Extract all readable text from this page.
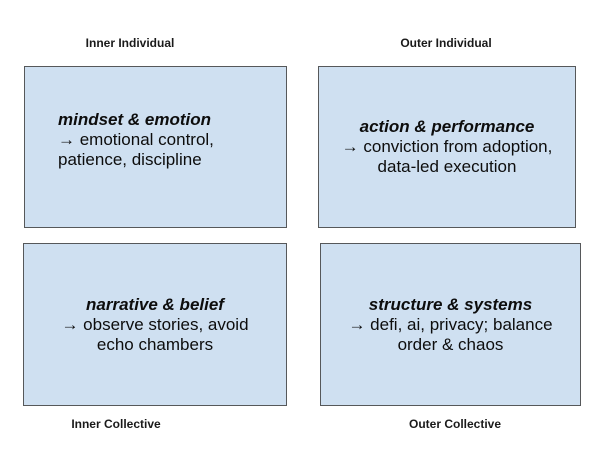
Inner Individual	Outer Individual
Inner Collective	Outer Collective
mindset & emotion
→ emotional control,
patience, discipline
action & performance
→ conviction from adoption,
data-led execution
narrative & belief
→ observe stories, avoid
echo chambers
structure & systems
→ defi, ai, privacy; balance
order & chaos
